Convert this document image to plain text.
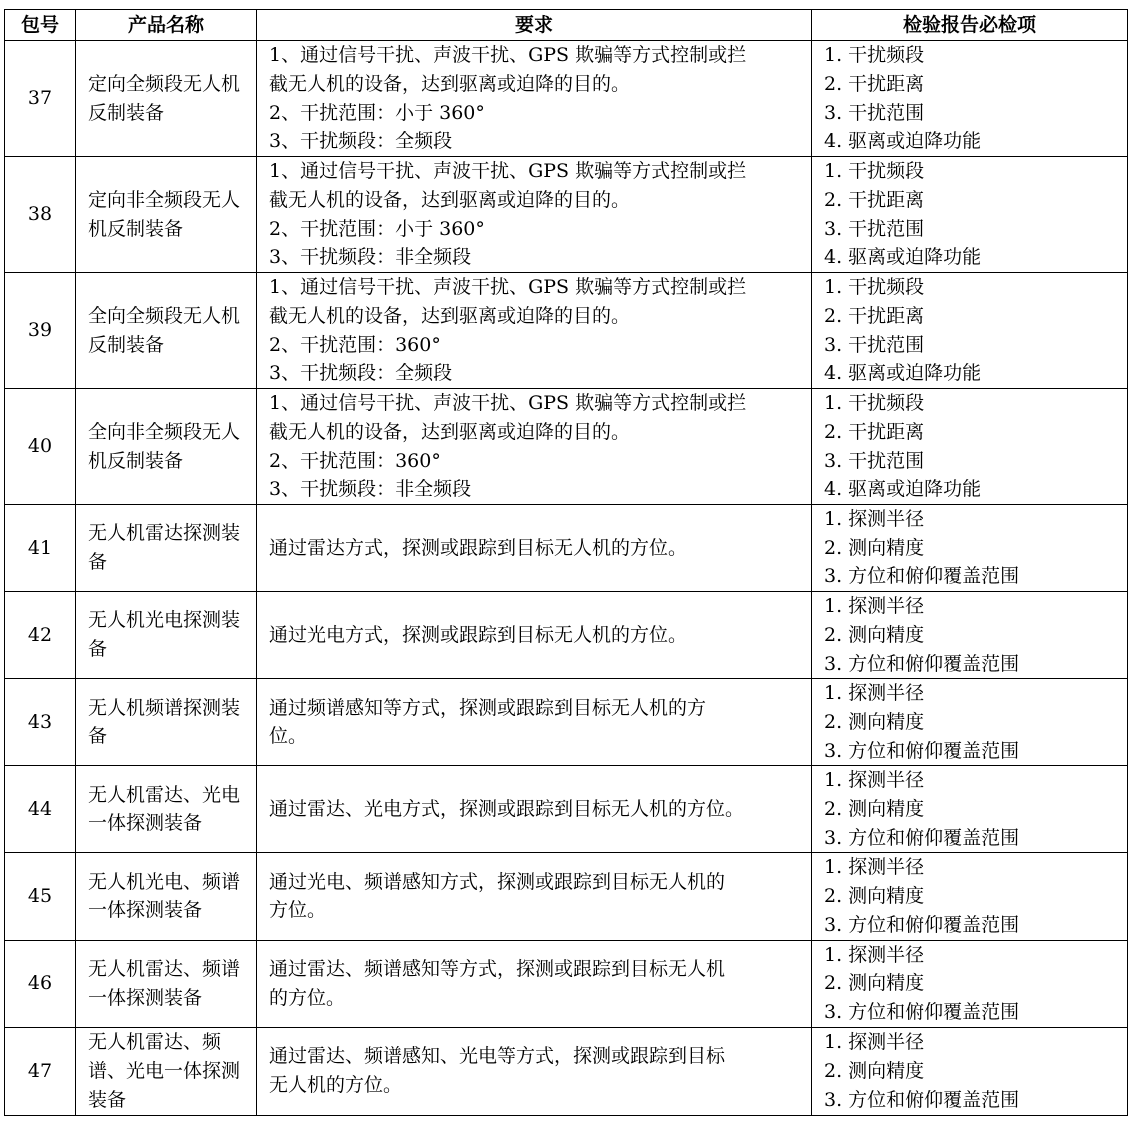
包号	产品名称	要求	检验报告必检项
37	定向全频段无人机反制装备	1、通过信号干扰、声波干扰、GPS 欺骗等方式控制或拦
截无人机的设备，达到驱离或迫降的目的。
2、干扰范围：小于 360°
3、干扰频段：全频段	1. 干扰频段
2. 干扰距离
3. 干扰范围
4. 驱离或迫降功能

38	定向非全频段无人机反制装备	1、通过信号干扰、声波干扰、GPS 欺骗等方式控制或拦
截无人机的设备，达到驱离或迫降的目的。
2、干扰范围：小于 360°
3、干扰频段：非全频段	1. 干扰频段
2. 干扰距离
3. 干扰范围
4. 驱离或迫降功能

39	全向全频段无人机反制装备	1、通过信号干扰、声波干扰、GPS 欺骗等方式控制或拦
截无人机的设备，达到驱离或迫降的目的。
2、干扰范围：360°
3、干扰频段：全频段	1. 干扰频段
2. 干扰距离
3. 干扰范围
4. 驱离或迫降功能

40	全向非全频段无人机反制装备	1、通过信号干扰、声波干扰、GPS 欺骗等方式控制或拦
截无人机的设备，达到驱离或迫降的目的。
2、干扰范围：360°
3、干扰频段：非全频段	1. 干扰频段
2. 干扰距离
3. 干扰范围
4. 驱离或迫降功能

41	无人机雷达探测装备	通过雷达方式，探测或跟踪到目标无人机的方位。	1. 探测半径
2. 测向精度
3. 方位和俯仰覆盖范围

42	无人机光电探测装备	通过光电方式，探测或跟踪到目标无人机的方位。	1. 探测半径
2. 测向精度
3. 方位和俯仰覆盖范围

43	无人机频谱探测装备	通过频谱感知等方式，探测或跟踪到目标无人机的方
位。	1. 探测半径
2. 测向精度
3. 方位和俯仰覆盖范围

44	无人机雷达、光电一体探测装备	通过雷达、光电方式，探测或跟踪到目标无人机的方位。	1. 探测半径
2. 测向精度
3. 方位和俯仰覆盖范围

45	无人机光电、频谱一体探测装备	通过光电、频谱感知方式，探测或跟踪到目标无人机的
方位。	1. 探测半径
2. 测向精度
3. 方位和俯仰覆盖范围

46	无人机雷达、频谱一体探测装备	通过雷达、频谱感知等方式，探测或跟踪到目标无人机
的方位。	1. 探测半径
2. 测向精度
3. 方位和俯仰覆盖范围

47	无人机雷达、频谱、光电一体探测装备	通过雷达、频谱感知、光电等方式，探测或跟踪到目标
无人机的方位。	1. 探测半径
2. 测向精度
3. 方位和俯仰覆盖范围
